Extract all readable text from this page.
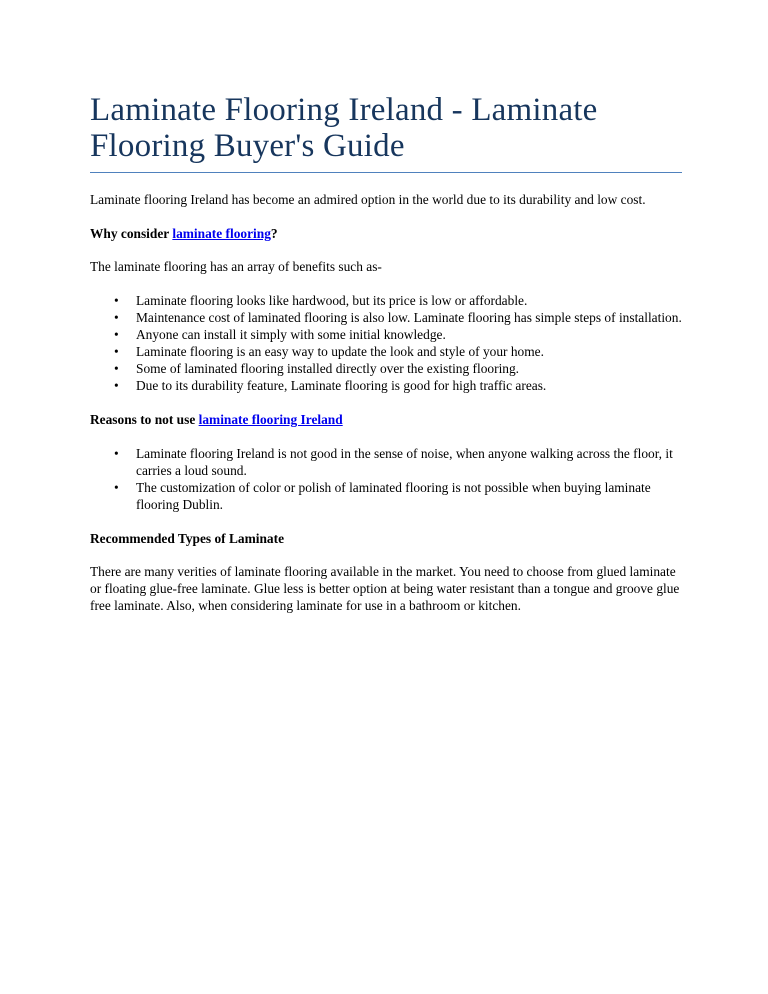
Laminate Flooring Ireland - Laminate Flooring Buyer's Guide

Laminate flooring Ireland has become an admired option in the world due to its durability and low cost.

Why consider laminate flooring?

The laminate flooring has an array of benefits such as-

• Laminate flooring looks like hardwood, but its price is low or affordable.
• Maintenance cost of laminated flooring is also low. Laminate flooring has simple steps of installation.
• Anyone can install it simply with some initial knowledge.
• Laminate flooring is an easy way to update the look and style of your home.
• Some of laminated flooring installed directly over the existing flooring.
• Due to its durability feature, Laminate flooring is good for high traffic areas.

Reasons to not use laminate flooring Ireland

• Laminate flooring Ireland is not good in the sense of noise, when anyone walking across the floor, it carries a loud sound.
• The customization of color or polish of laminated flooring is not possible when buying laminate flooring Dublin.

Recommended Types of Laminate

There are many verities of laminate flooring available in the market. You need to choose from glued laminate or floating glue-free laminate. Glue less is better option at being water resistant than a tongue and groove glue free laminate. Also, when considering laminate for use in a bathroom or kitchen.
